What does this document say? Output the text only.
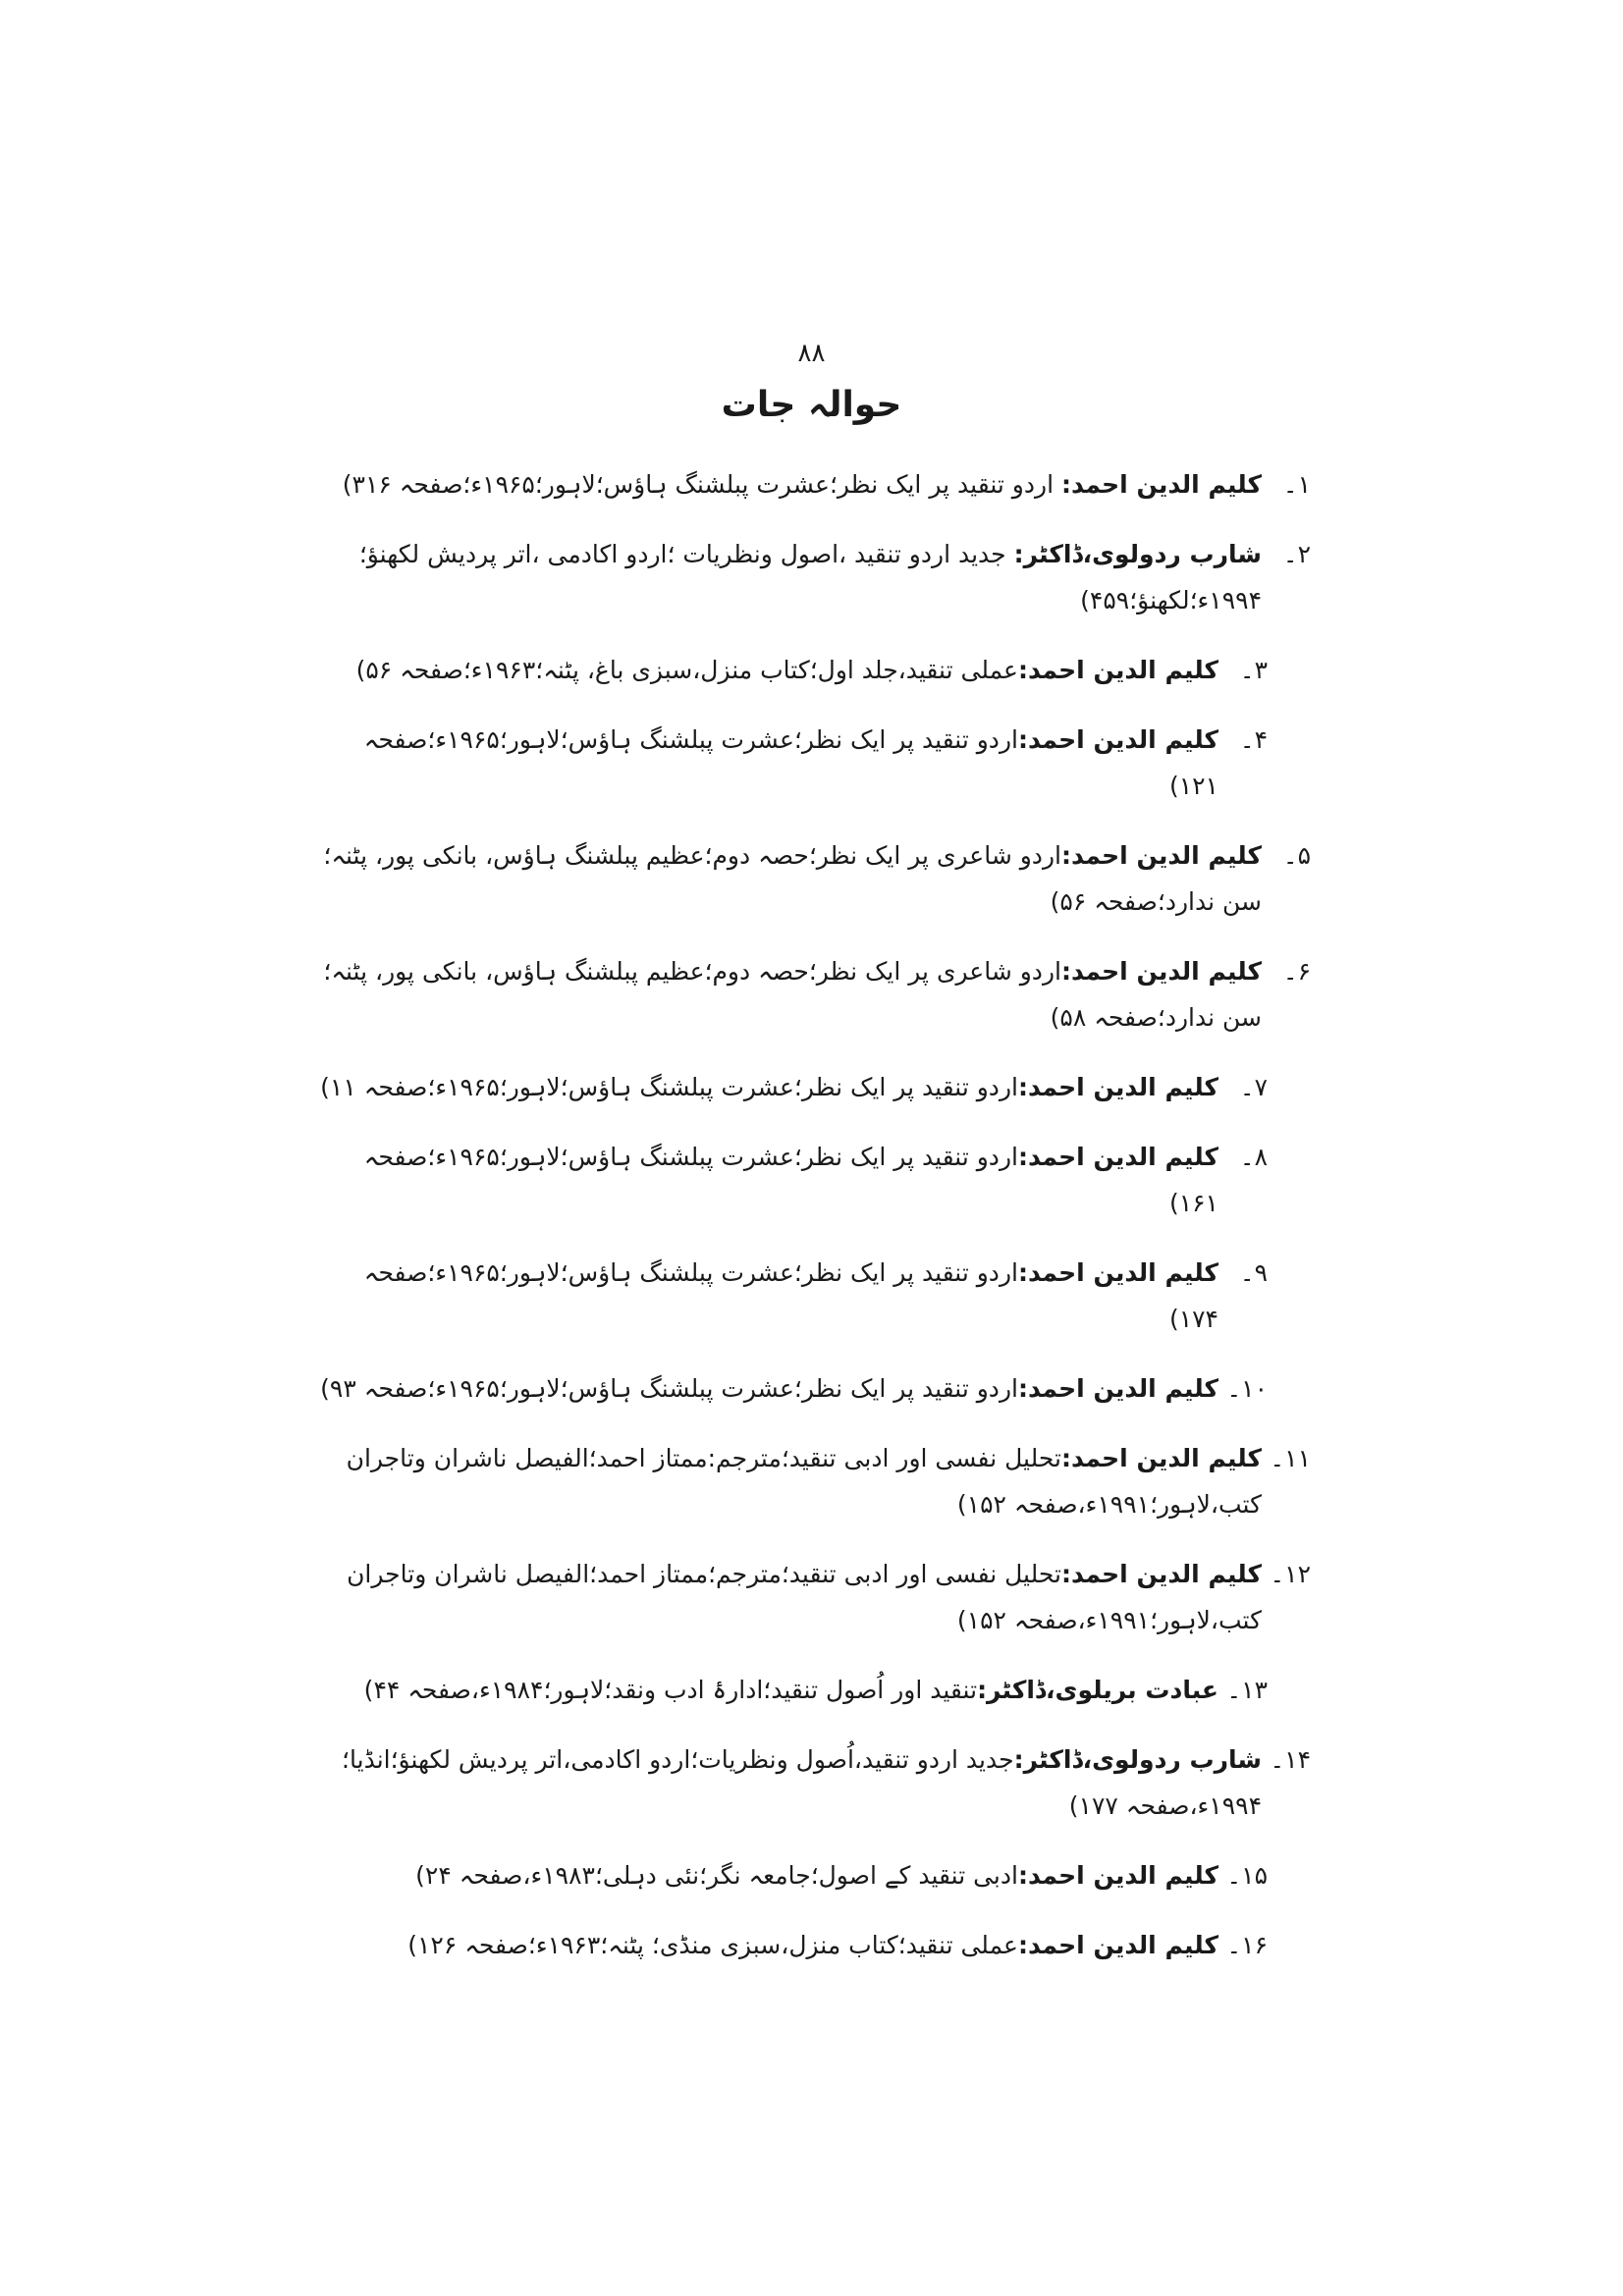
۸۸
حوالہ جات
۱۔
کلیم الدین احمد: اردو تنقید پر ایک نظر؛عشرت پبلشنگ ہاؤس؛لاہور؛۱۹۶۵ء؛صفحہ ۳۱۶)
۲۔
شارب ردولوی،ڈاکٹر: جدید اردو تنقید ،اصول ونظریات ؛اردو اکادمی ،اتر پردیش لکھنؤ؛۱۹۹۴ء؛لکھنؤ؛۴۵۹)
۳۔
کلیم الدین احمد:عملی تنقید،جلد اول؛کتاب منزل،سبزی باغ، پٹنہ؛۱۹۶۳ء؛صفحہ ۵۶)
۴۔
کلیم الدین احمد:اردو تنقید پر ایک نظر؛عشرت پبلشنگ ہاؤس؛لاہور؛۱۹۶۵ء؛صفحہ ۱۲۱)
۵۔
کلیم الدین احمد:اردو شاعری پر ایک نظر؛حصہ دوم؛عظیم پبلشنگ ہاؤس، بانکی پور، پٹنہ؛سن ندارد؛صفحہ ۵۶)
۶۔
کلیم الدین احمد:اردو شاعری پر ایک نظر؛حصہ دوم؛عظیم پبلشنگ ہاؤس، بانکی پور، پٹنہ؛سن ندارد؛صفحہ ۵۸)
۷۔
کلیم الدین احمد:اردو تنقید پر ایک نظر؛عشرت پبلشنگ ہاؤس؛لاہور؛۱۹۶۵ء؛صفحہ ۱۱)
۸۔
کلیم الدین احمد:اردو تنقید پر ایک نظر؛عشرت پبلشنگ ہاؤس؛لاہور؛۱۹۶۵ء؛صفحہ ۱۶۱)
۹۔
کلیم الدین احمد:اردو تنقید پر ایک نظر؛عشرت پبلشنگ ہاؤس؛لاہور؛۱۹۶۵ء؛صفحہ ۱۷۴)
۱۰۔
کلیم الدین احمد:اردو تنقید پر ایک نظر؛عشرت پبلشنگ ہاؤس؛لاہور؛۱۹۶۵ء؛صفحہ ۹۳)
۱۱۔
کلیم الدین احمد:تحلیل نفسی اور ادبی تنقید؛مترجم:ممتاز احمد؛الفیصل ناشران وتاجران کتب،لاہور؛۱۹۹۱ء،صفحہ ۱۵۲)
۱۲۔
کلیم الدین احمد:تحلیل نفسی اور ادبی تنقید؛مترجم؛ممتاز احمد؛الفیصل ناشران وتاجران کتب،لاہور؛۱۹۹۱ء،صفحہ ۱۵۲)
۱۳۔
عبادت بریلوی،ڈاکٹر:تنقید اور اُصول تنقید؛ادارۂ ادب ونقد؛لاہور؛۱۹۸۴ء،صفحہ ۴۴)
۱۴۔
شارب ردولوی،ڈاکٹر:جدید اردو تنقید،اُصول ونظریات؛اردو اکادمی،اتر پردیش لکھنؤ؛انڈیا؛۱۹۹۴ء،صفحہ ۱۷۷)
۱۵۔
کلیم الدین احمد:ادبی تنقید کے اصول؛جامعہ نگر؛نئی دہلی؛۱۹۸۳ء،صفحہ ۲۴)
۱۶۔
کلیم الدین احمد:عملی تنقید؛کتاب منزل،سبزی منڈی؛ پٹنہ؛۱۹۶۳ء؛صفحہ ۱۲۶)
